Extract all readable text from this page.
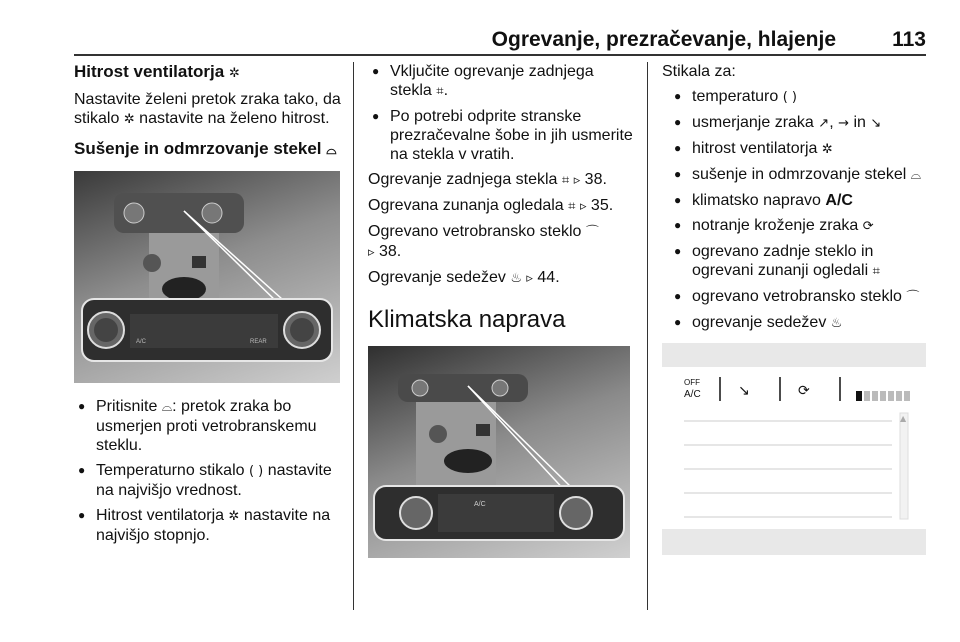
Ogrevanje, prezračevanje, hlajenje	113
Hitrost ventilatorja ✲

Nastavite želeni pretok zraka tako, da stikalo ✲ nastavite na želeno hitrost.

Sušenje in odmrzovanje stekel ⌓
A/C	REAR
● Pritisnite ⌓: pretok zraka bo usmerjen proti vetrobranskemu steklu.
● Temperaturno stikalo ( ) nastavite na najvišjo vrednost.
● Hitrost ventilatorja ✲ nastavite na najvišjo stopnjo.
● Vključite ogrevanje zadnjega stekla ⌗.
● Po potrebi odprite stranske prezračevalne šobe in jih usmerite na stekla v vratih.

Ogrevanje zadnjega stekla ⌗ ▹ 38.

Ogrevana zunanja ogledala ⌗ ▹ 35.

Ogrevano vetrobransko steklo ⌒
▹ 38.

Ogrevanje sedežev ♨ ▹ 44.

Klimatska naprava
A/C

Stikala za:

● temperaturo ( )
● usmerjanje zraka ↗, → in ↘
● hitrost ventilatorja ✲
● sušenje in odmrzovanje stekel ⌓
● klimatsko napravo A/C
● notranje kroženje zraka ⟳
● ogrevano zadnje steklo in ogrevani zunanji ogledali ⌗
● ogrevano vetrobransko steklo ⌒
● ogrevanje sedežev ♨
OFF
A/C	↘	⟳
▲
